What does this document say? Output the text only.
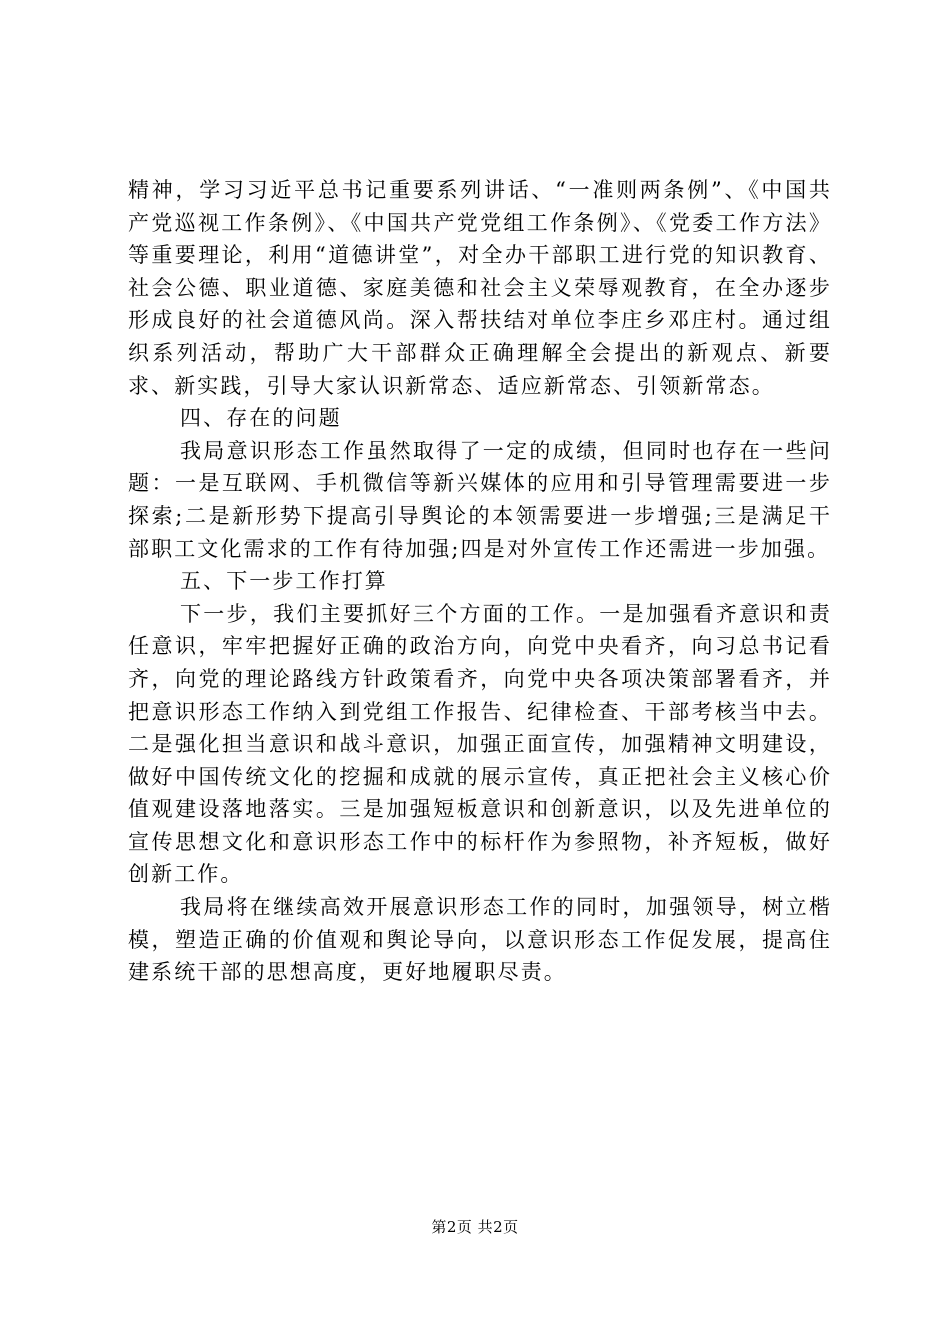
精神，学习习近平总书记重要系列讲话、“一准则两条例”、《中国共产党巡视工作条例》、《中国共产党党组工作条例》、《党委工作方法》等重要理论，利用“道德讲堂”，对全办干部职工进行党的知识教育、社会公德、职业道德、家庭美德和社会主义荣辱观教育，在全办逐步形成良好的社会道德风尚。深入帮扶结对单位李庄乡邓庄村。通过组织系列活动，帮助广大干部群众正确理解全会提出的新观点、新要求、新实践，引导大家认识新常态、适应新常态、引领新常态。

四、存在的问题

我局意识形态工作虽然取得了一定的成绩，但同时也存在一些问题：一是互联网、手机微信等新兴媒体的应用和引导管理需要进一步探索;二是新形势下提高引导舆论的本领需要进一步增强;三是满足干部职工文化需求的工作有待加强;四是对外宣传工作还需进一步加强。

五、下一步工作打算

下一步，我们主要抓好三个方面的工作。一是加强看齐意识和责任意识，牢牢把握好正确的政治方向，向党中央看齐，向习总书记看齐，向党的理论路线方针政策看齐，向党中央各项决策部署看齐，并把意识形态工作纳入到党组工作报告、纪律检查、干部考核当中去。二是强化担当意识和战斗意识，加强正面宣传，加强精神文明建设，做好中国传统文化的挖掘和成就的展示宣传，真正把社会主义核心价值观建设落地落实。三是加强短板意识和创新意识，以及先进单位的宣传思想文化和意识形态工作中的标杆作为参照物，补齐短板，做好创新工作。

我局将在继续高效开展意识形态工作的同时，加强领导，树立楷模，塑造正确的价值观和舆论导向，以意识形态工作促发展，提高住建系统干部的思想高度，更好地履职尽责。

第2页 共2页
